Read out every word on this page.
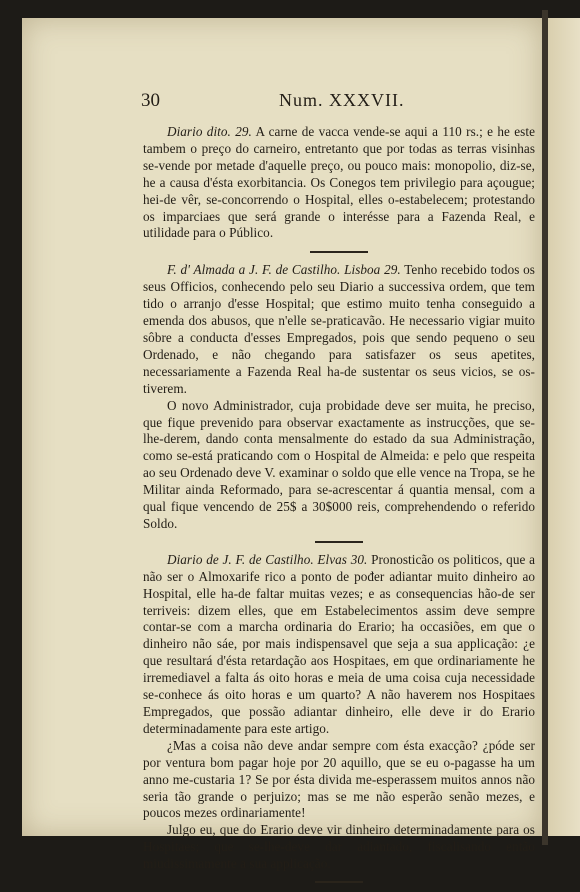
30	Num. XXXVII.

Diario dito. 29. A carne de vacca vende-se aqui a 110 rs.; e he este tambem o preço do carneiro, entretanto que por todas as terras visinhas se-vende por metade d'aquelle preço, ou pouco mais: monopolio, diz-se, he a causa d'ésta exorbitancia. Os Conegos tem privilegio para açougue; hei-de vêr, se-concorrendo o Hospital, elles o-estabelecem; protestando os imparciaes que será grande o interésse para a Fazenda Real, e utilidade para o Público.

F. d' Almada a J. F. de Castilho. Lisboa 29. Tenho recebido todos os seus Officios, conhecendo pelo seu Diario a successiva ordem, que tem tido o arranjo d'esse Hospital; que estimo muito tenha conseguido a emenda dos abusos, que n'elle se-praticavão. He necessario vigiar muito sôbre a conducta d'esses Empregados, pois que sendo pequeno o seu Ordenado, e não chegando para satisfazer os seus apetites, necessariamente a Fazenda Real ha-de sustentar os seus vicios, se os-tiverem.

O novo Administrador, cuja probidade deve ser muita, he preciso, que fique prevenido para observar exactamente as instrucções, que se-lhe-derem, dando conta mensalmente do estado da sua Administração, como se-está praticando com o Hospital de Almeida: e pelo que respeita ao seu Ordenado deve V. examinar o soldo que elle vence na Tropa, se he Militar ainda Reformado, para se-acrescentar á quantia mensal, com a qual fique vencendo de 25$ a 30$000 reis, comprehendendo o referido Soldo.

Diario de J. F. de Castilho. Elvas 30. Pronosticão os politicos, que a não ser o Almoxarife rico a ponto de pođer adiantar muito dinheiro ao Hospital, elle ha-de faltar muitas vezes; e as consequencias hão-de ser terriveis: dizem elles, que em Estabelecimentos assim deve sempre contar-se com a marcha ordinaria do Erario; ha occasiões, em que o dinheiro não sáe, por mais indispensavel que seja a sua applicação: ¿e que resultará d'ésta retardação aos Hospitaes, em que ordinariamente he irremediavel a falta ás oito horas e meia de uma coisa cuja necessidade se-conhece ás oito horas e um quarto? A não haverem nos Hospitaes Empregados, que possão adiantar dinheiro, elle deve ir do Erario determinadamente para este artigo.

¿Mas a coisa não deve andar sempre com ésta exacção? ¿póde ser por ventura bom pagar hoje por 20 aquillo, que se eu o-pagasse ha um anno me-custaria 1? Se por ésta divida me-esperassem muitos annos não seria tão grande o perjuizo; mas se me não esperão senão mezes, e poucos mezes ordinariamente!

Julgo eu, que do Erario deve vir dinheiro determinadamente para os Hospitaes; que se-lhe-deve dar adiantado, fiscalisando então miudissimamente a sua applicação.
